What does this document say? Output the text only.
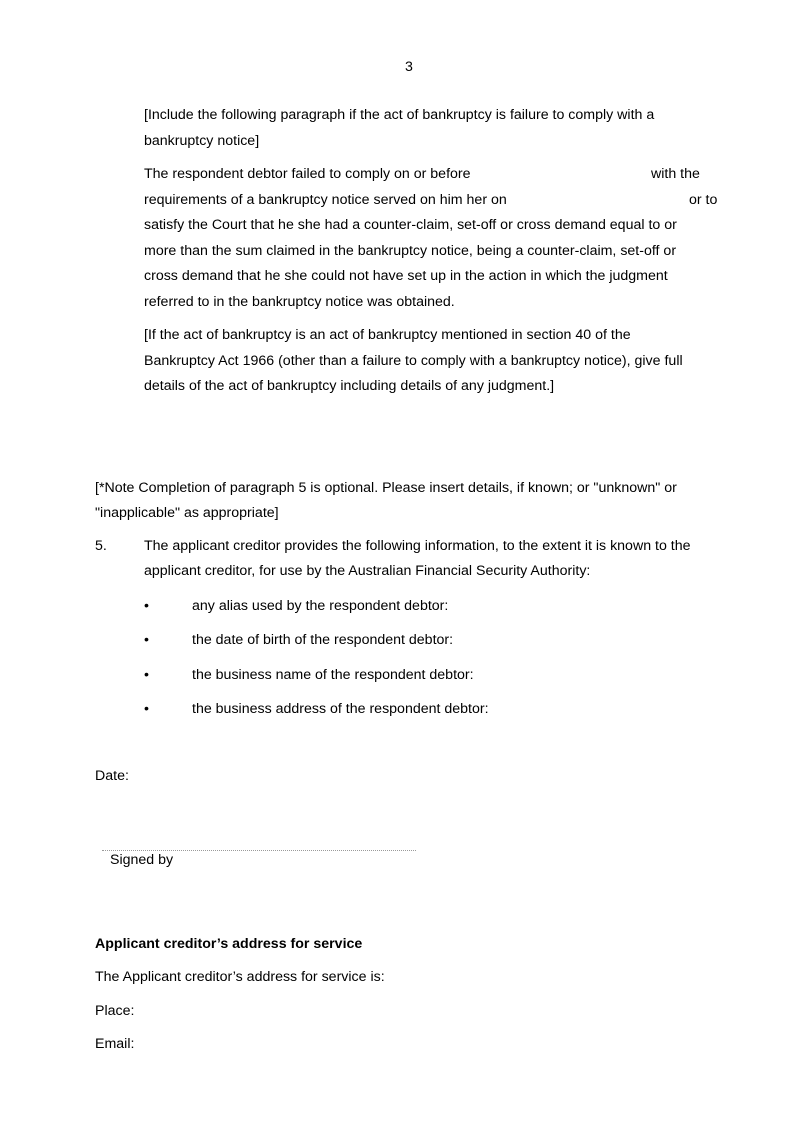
3
[Include the following paragraph if the act of bankruptcy is failure to comply with a
bankruptcy notice]
The respondent debtor failed to comply on or before	with the
requirements of a bankruptcy notice served on him her on	or to
satisfy the Court that he she had a counter-claim, set-off or cross demand equal to or
more than the sum claimed in the bankruptcy notice, being a counter-claim, set-off or
cross demand that he she could not have set up in the action in which the judgment
referred to in the bankruptcy notice was obtained.
[If the act of bankruptcy is an act of bankruptcy mentioned in section 40 of the
Bankruptcy Act 1966 (other than a failure to comply with a bankruptcy notice), give full
details of the act of bankruptcy including details of any judgment.]
[*Note Completion of paragraph 5 is optional. Please insert details, if known; or "unknown" or
"inapplicable" as appropriate]
5.	The applicant creditor provides the following information, to the extent it is known to the
applicant creditor, for use by the Australian Financial Security Authority:
•	any alias used by the respondent debtor:
•	the date of birth of the respondent debtor:
•	the business name of the respondent debtor:
•	the business address of the respondent debtor:
Date:
Signed by
Applicant creditor’s address for service
The Applicant creditor’s address for service is:
Place:
Email:
